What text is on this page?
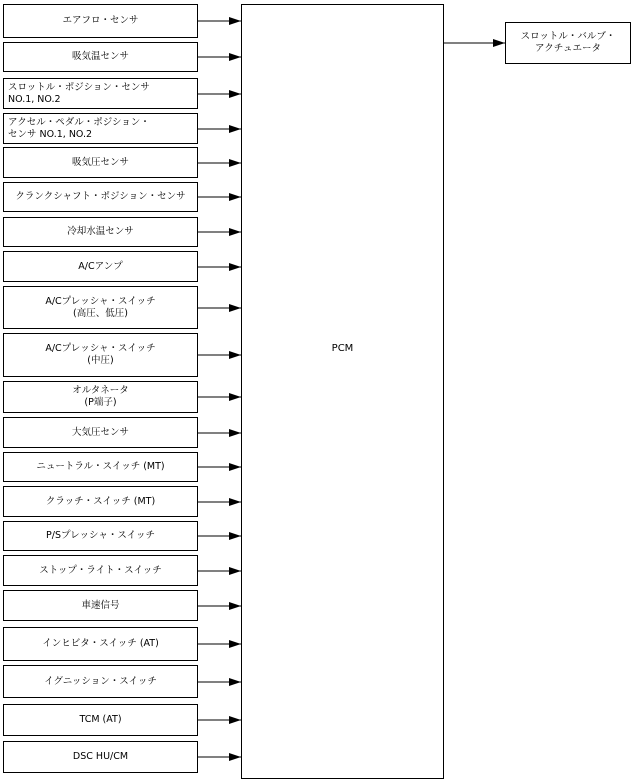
PCM
エアフロ・センサ
吸気温センサ
スロットル・ポジション・センサ
NO.1, NO.2
アクセル・ペダル・ポジション・
センサ NO.1, NO.2
吸気圧センサ
クランクシャフト・ポジション・センサ
冷却水温センサ
A/Cアンプ
A/Cプレッシャ・スイッチ
(高圧、低圧)
A/Cプレッシャ・スイッチ
(中圧)
オルタネータ
(P端子)
大気圧センサ
ニュートラル・スイッチ (MT)
クラッチ・スイッチ (MT)
P/Sプレッシャ・スイッチ
ストップ・ライト・スイッチ
車速信号
インヒビタ・スイッチ (AT)
イグニッション・スイッチ
TCM (AT)
DSC HU/CM
スロットル・バルブ・
アクチュエータ
